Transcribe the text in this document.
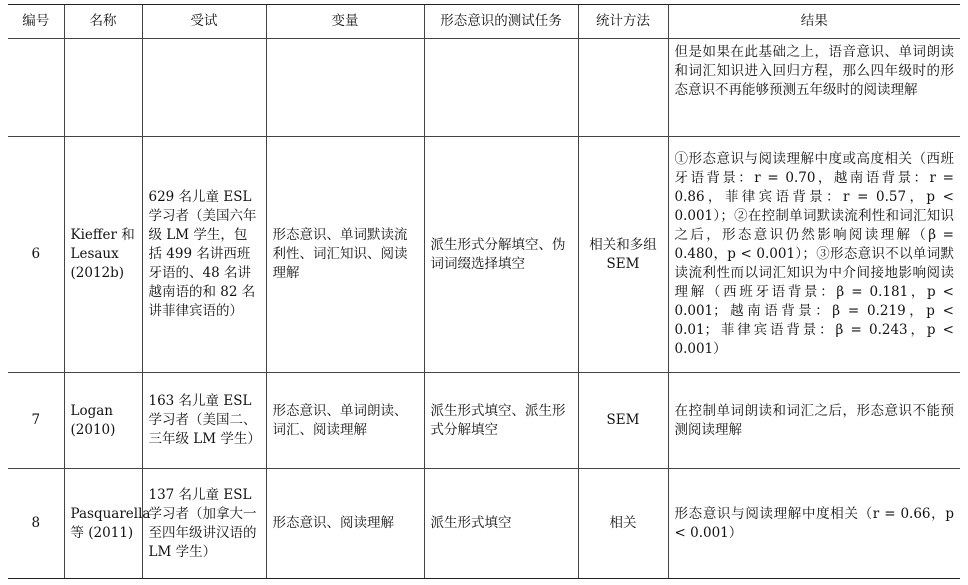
编号	名称	受试	变量	形态意识的测试任务	统计方法	结果
						但是如果在此基础之上，语音意识、单词朗读和词汇知识进入回归方程，那么四年级时的形态意识不再能够预测五年级时的阅读理解
6	Kieffer 和 Lesaux (2012b)	629 名儿童 ESL 学习者（美国六年级 LM 学生，包括 499 名讲西班牙语的、48 名讲越南语的和 82 名讲菲律宾语的）	形态意识、单词默读流利性、词汇知识、阅读理解	派生形式分解填空、伪词词缀选择填空	相关和多组 SEM	①形态意识与阅读理解中度或高度相关（西班牙语背景：r = 0.70，越南语背景：r = 0.86，菲律宾语背景：r = 0.57，p < 0.001）；②在控制单词默读流利性和词汇知识之后，形态意识仍然影响阅读理解（β = 0.480，p < 0.001）；③形态意识不以单词默读流利性而以词汇知识为中介间接地影响阅读理解（西班牙语背景：β = 0.181，p < 0.001；越南语背景：β = 0.219，p < 0.01；菲律宾语背景：β = 0.243，p < 0.001）
7	Logan (2010)	163 名儿童 ESL 学习者（美国二、三年级 LM 学生）	形态意识、单词朗读、词汇、阅读理解	派生形式填空、派生形式分解填空	SEM	在控制单词朗读和词汇之后，形态意识不能预测阅读理解
8	Pasquarella 等 (2011)	137 名儿童 ESL 学习者（加拿大一至四年级讲汉语的 LM 学生）	形态意识、阅读理解	派生形式填空	相关	形态意识与阅读理解中度相关（r = 0.66，p < 0.001）
